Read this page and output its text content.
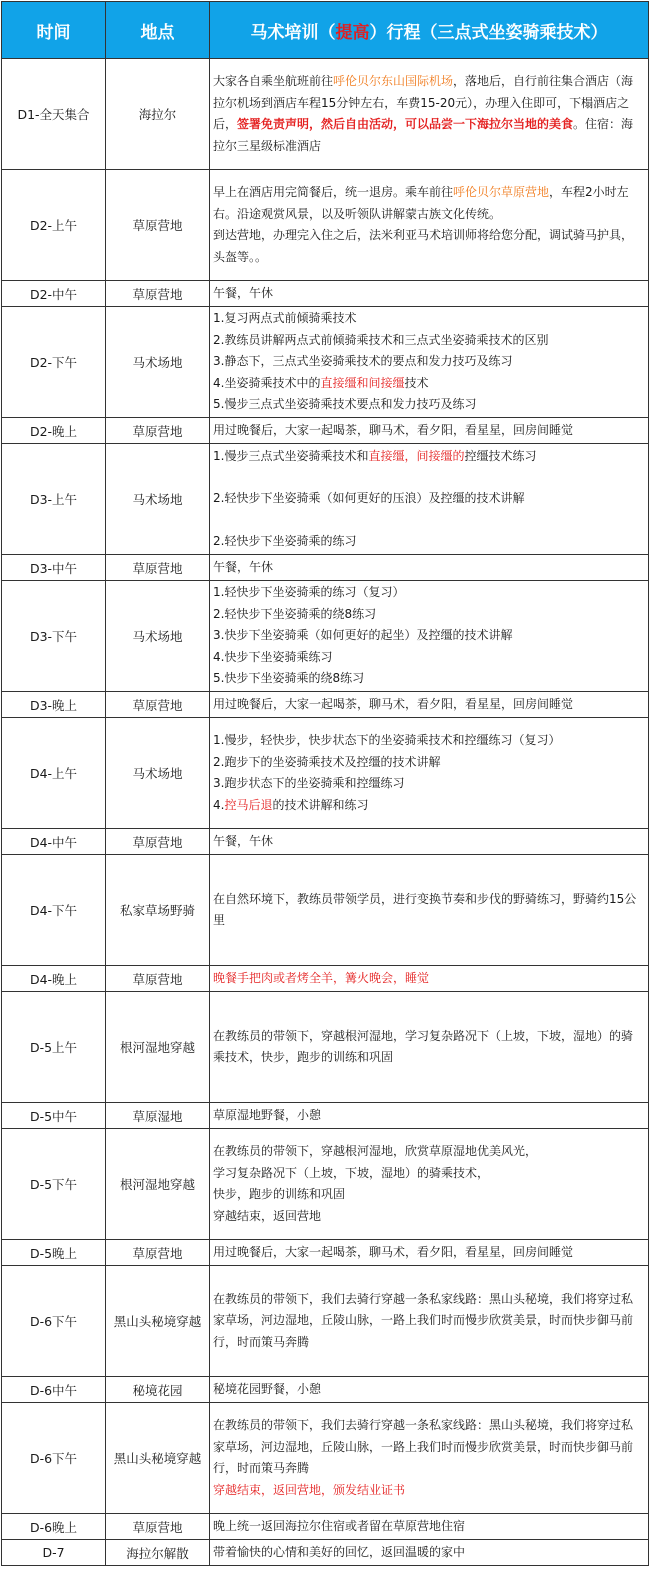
时间	地点	马术培训（提高）行程（三点式坐姿骑乘技术）
D1-全天集合	海拉尔	大家各自乘坐航班前往呼伦贝尔东山国际机场，落地后，自行前往集合酒店（海拉尔机场到酒店车程15分钟左右，车费15-20元），办理入住即可，下榻酒店之后，签署免责声明，然后自由活动，可以品尝一下海拉尔当地的美食。住宿：海拉尔三星级标准酒店

D2-上午	草原营地	早上在酒店用完简餐后，统一退房。乘车前往呼伦贝尔草原营地，车程2小时左右。沿途观赏风景，以及听领队讲解蒙古族文化传统。
到达营地，办理完入住之后，法米利亚马术培训师将给您分配，调试骑马护具，头盔等。。

D2-中午	草原营地	午餐，午休

D2-下午	马术场地	1.复习两点式前倾骑乘技术
2.教练员讲解两点式前倾骑乘技术和三点式坐姿骑乘技术的区别
3.静态下，三点式坐姿骑乘技术的要点和发力技巧及练习
4.坐姿骑乘技术中的直接缰和间接缰技术
5.慢步三点式坐姿骑乘技术要点和发力技巧及练习

D2-晚上	草原营地	用过晚餐后，大家一起喝茶，聊马术，看夕阳，看星星，回房间睡觉

D3-上午	马术场地	1.慢步三点式坐姿骑乘技术和直接缰，间接缰的控缰技术练习
2.轻快步下坐姿骑乘（如何更好的压浪）及控缰的技术讲解
2.轻快步下坐姿骑乘的练习

D3-中午	草原营地	午餐，午休

D3-下午	马术场地	1.轻快步下坐姿骑乘的练习（复习）
2.轻快步下坐姿骑乘的绕8练习
3.快步下坐姿骑乘（如何更好的起坐）及控缰的技术讲解
4.快步下坐姿骑乘练习
5.快步下坐姿骑乘的绕8练习

D3-晚上	草原营地	用过晚餐后，大家一起喝茶，聊马术，看夕阳，看星星，回房间睡觉

D4-上午	马术场地	1.慢步，轻快步，快步状态下的坐姿骑乘技术和控缰练习（复习）
2.跑步下的坐姿骑乘技术及控缰的技术讲解
3.跑步状态下的坐姿骑乘和控缰练习
4.控马后退的技术讲解和练习

D4-中午	草原营地	午餐，午休

D4-下午	私家草场野骑	在自然环境下，教练员带领学员，进行变换节奏和步伐的野骑练习，野骑约15公里

D4-晚上	草原营地	晚餐手把肉或者烤全羊，篝火晚会，睡觉

D-5上午	根河湿地穿越	在教练员的带领下，穿越根河湿地，学习复杂路况下（上坡，下坡，湿地）的骑乘技术，快步，跑步的训练和巩固

D-5中午	草原湿地	草原湿地野餐，小憩

D-5下午	根河湿地穿越	在教练员的带领下，穿越根河湿地，欣赏草原湿地优美风光，
学习复杂路况下（上坡，下坡，湿地）的骑乘技术，
快步，跑步的训练和巩固
穿越结束，返回营地

D-5晚上	草原营地	用过晚餐后，大家一起喝茶，聊马术，看夕阳，看星星，回房间睡觉

D-6下午	黑山头秘境穿越	在教练员的带领下，我们去骑行穿越一条私家线路：黑山头秘境，我们将穿过私家草场，河边湿地，丘陵山脉，一路上我们时而慢步欣赏美景，时而快步御马前行，时而策马奔腾

D-6中午	秘境花园	秘境花园野餐，小憩

D-6下午	黑山头秘境穿越	在教练员的带领下，我们去骑行穿越一条私家线路：黑山头秘境，我们将穿过私家草场，河边湿地，丘陵山脉，一路上我们时而慢步欣赏美景，时而快步御马前行，时而策马奔腾
穿越结束，返回营地，颁发结业证书

D-6晚上	草原营地	晚上统一返回海拉尔住宿或者留在草原营地住宿

D-7	海拉尔解散	带着愉快的心情和美好的回忆，返回温暖的家中
